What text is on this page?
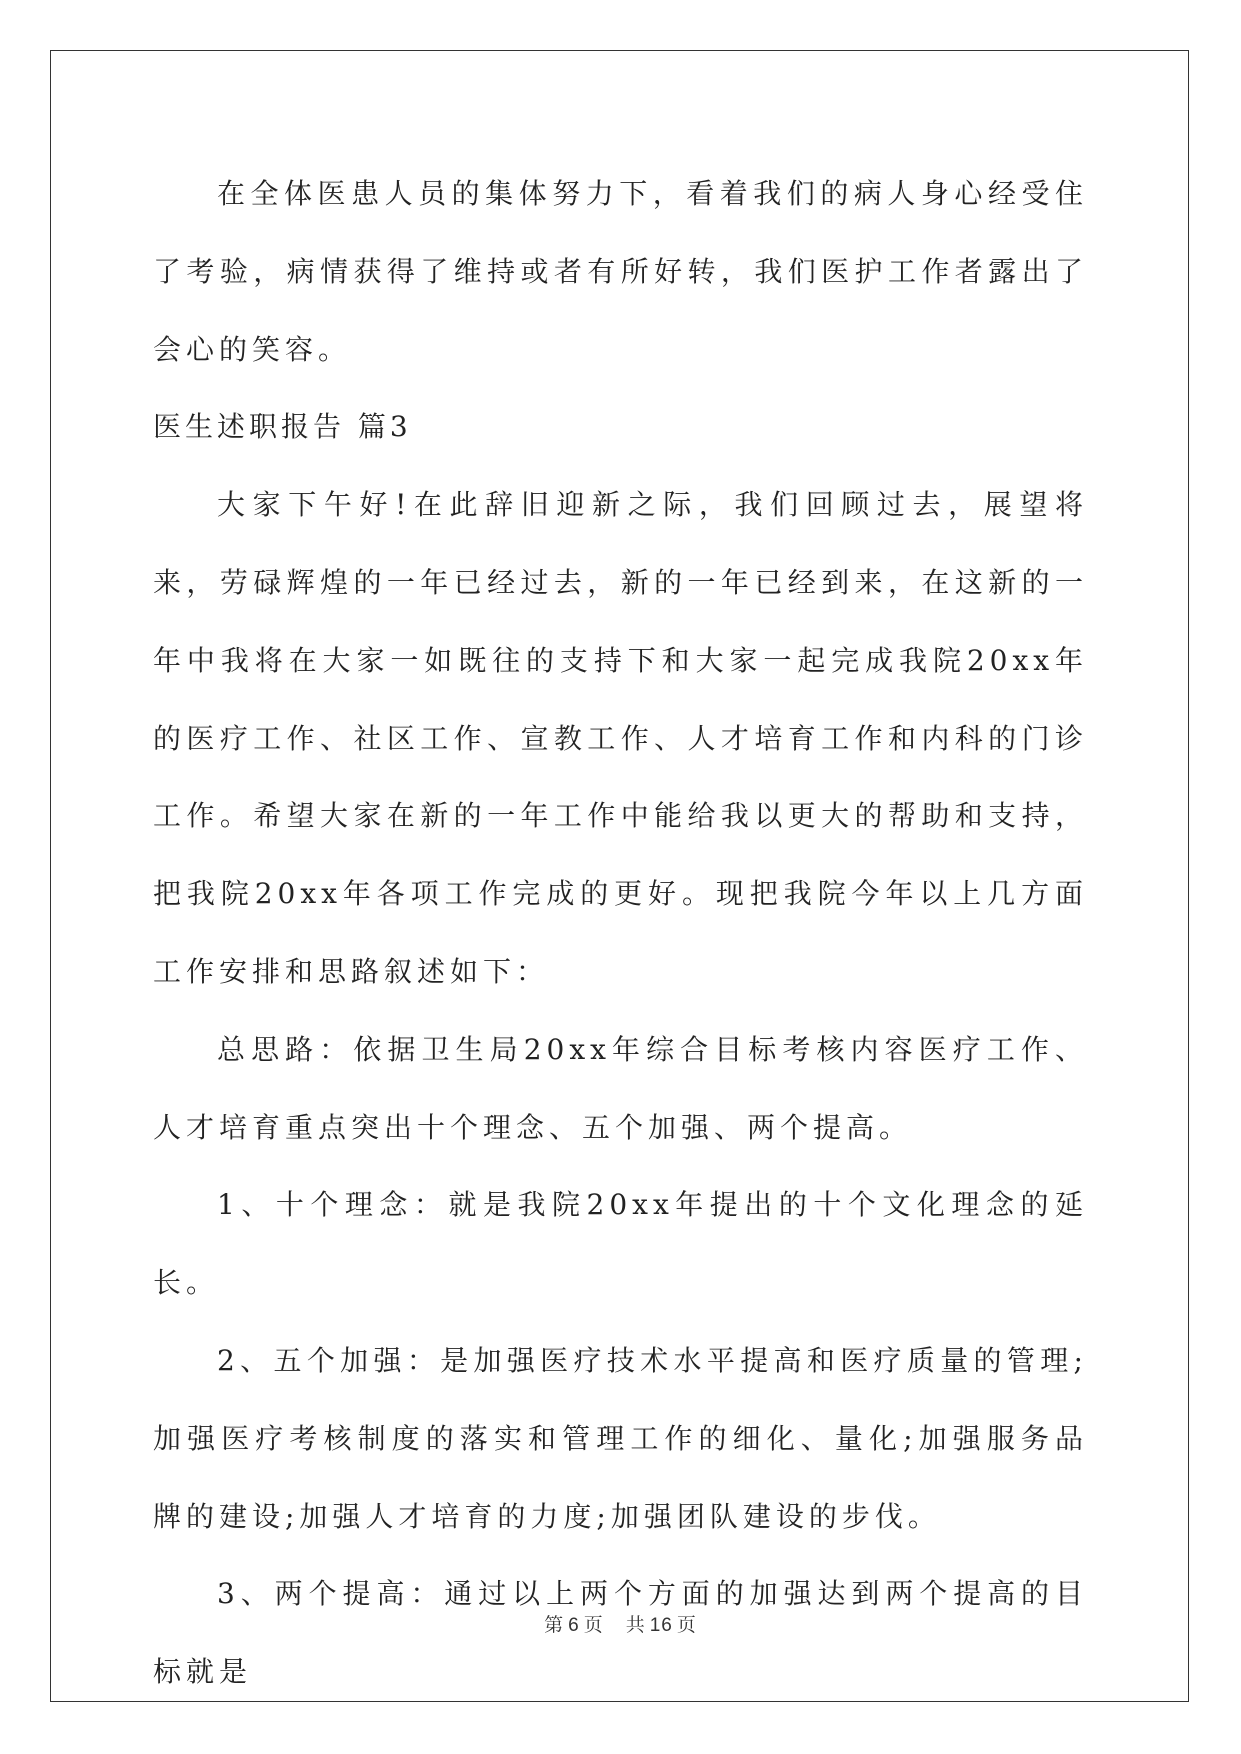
在全体医患人员的集体努力下，看着我们的病人身心经受住了考验，病情获得了维持或者有所好转，我们医护工作者露出了会心的笑容。

医生述职报告 篇3

大家下午好!在此辞旧迎新之际，我们回顾过去，展望将来，劳碌辉煌的一年已经过去，新的一年已经到来，在这新的一年中我将在大家一如既往的支持下和大家一起完成我院20xx年的医疗工作、社区工作、宣教工作、人才培育工作和内科的门诊工作。希望大家在新的一年工作中能给我以更大的帮助和支持，把我院20xx年各项工作完成的更好。现把我院今年以上几方面工作安排和思路叙述如下：

总思路：依据卫生局20xx年综合目标考核内容医疗工作、人才培育重点突出十个理念、五个加强、两个提高。

1、十个理念：就是我院20xx年提出的十个文化理念的延长。

2、五个加强：是加强医疗技术水平提高和医疗质量的管理;加强医疗考核制度的落实和管理工作的细化、量化;加强服务品牌的建设;加强人才培育的力度;加强团队建设的步伐。

3、两个提高：通过以上两个方面的加强达到两个提高的目标就是

第 6 页 共 16 页
